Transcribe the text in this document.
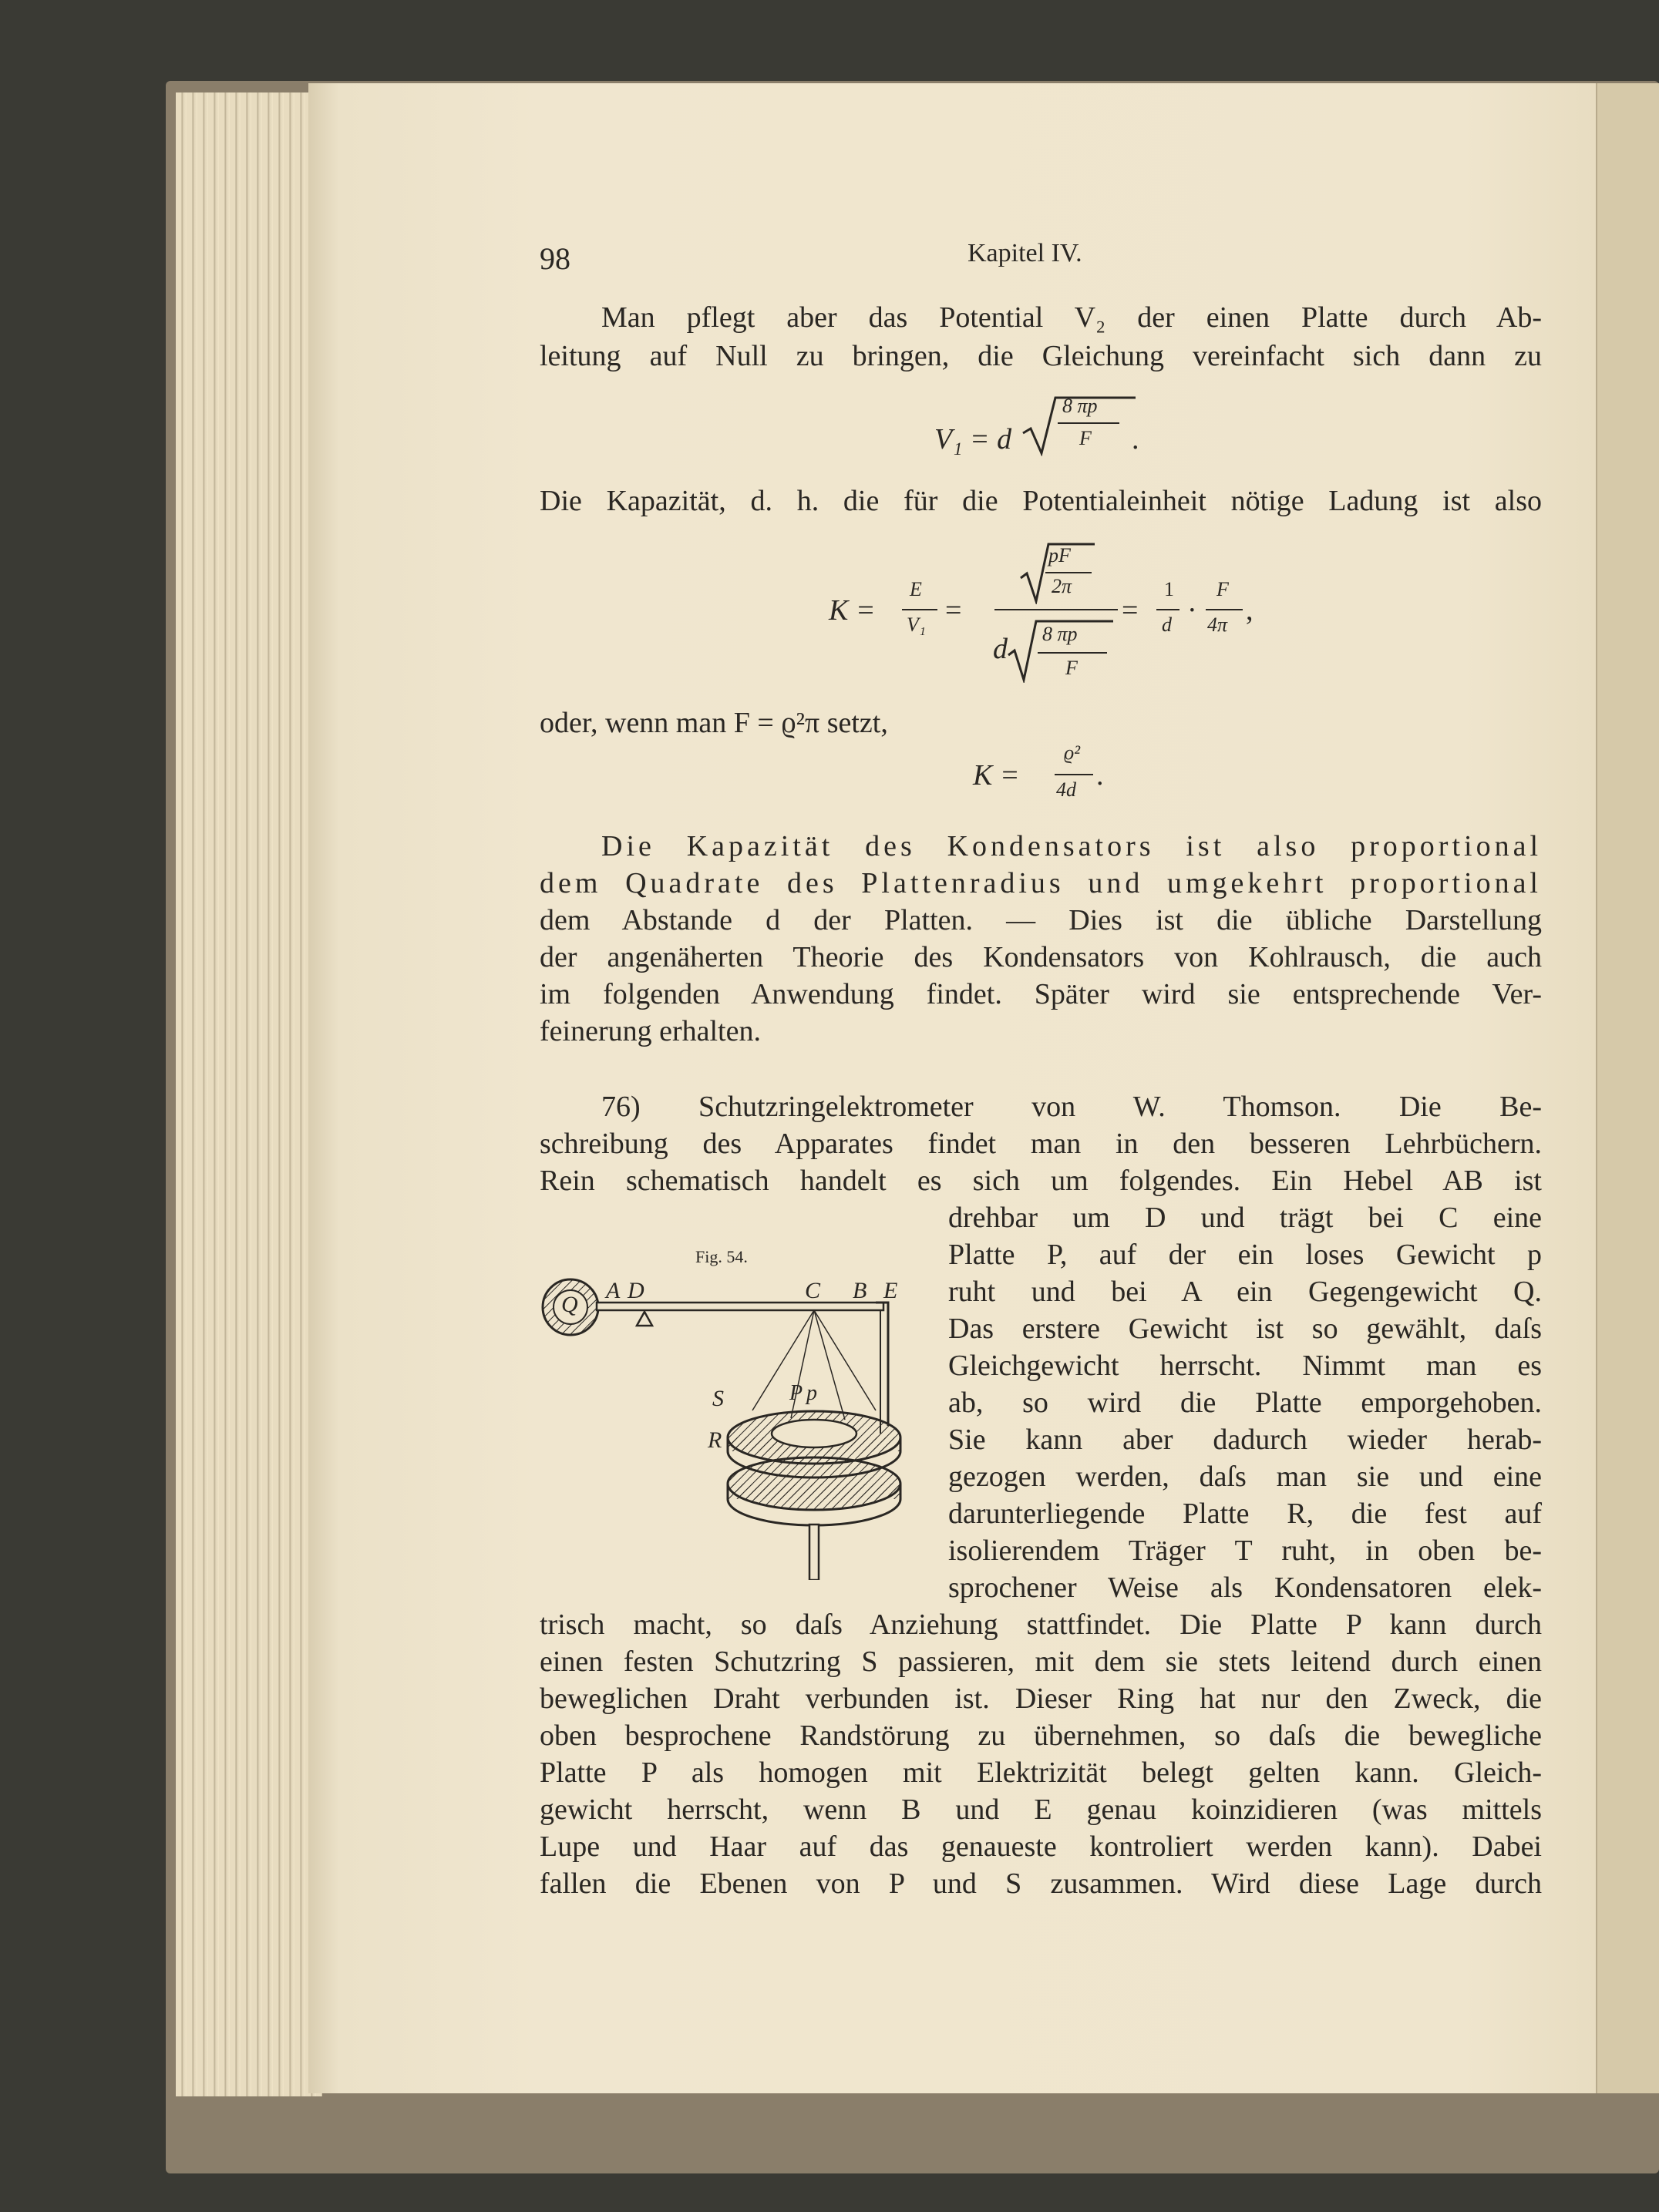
98	Kapitel IV.
Man pflegt aber das Potential V₂ der einen Platte durch Ab-
leitung auf Null zu bringen, die Gleichung vereinfacht sich dann zu
V₁ = d
8 πp
F .
Die Kapazität, d. h. die für die Potentialeinheit nötige Ladung ist also
K =
E
V₁ =
pF
2π
d 8 πp
F
=
1
d ·
F
4π ,
oder, wenn man F = ϱ²π setzt,
K =
ϱ²
4d .
Die Kapazität des Kondensators ist also proportional
dem Quadrate des Plattenradius und umgekehrt proportional
dem Abstande d der Platten. — Dies ist die übliche Darstellung
der angenäherten Theorie des Kondensators von Kohlrausch, die auch
im folgenden Anwendung findet. Später wird sie entsprechende Ver-
feinerung erhalten.
76) Schutzringelektrometer von W. Thomson. Die Be-
schreibung des Apparates findet man in den besseren Lehrbüchern.
Rein schematisch handelt es sich um folgendes. Ein Hebel AB ist
drehbar um D und trägt bei C eine
Platte P, auf der ein loses Gewicht p
ruht und bei A ein Gegengewicht Q.
Das erstere Gewicht ist so gewählt, daſs
Gleichgewicht herrscht. Nimmt man es
ab, so wird die Platte emporgehoben.
Sie kann aber dadurch wieder herab-
gezogen werden, daſs man sie und eine
darunterliegende Platte R, die fest auf
isolierendem Träger T ruht, in oben be-
sprochener Weise als Kondensatoren elek-
trisch macht, so daſs Anziehung stattfindet. Die Platte P kann durch
einen festen Schutzring S passieren, mit dem sie stets leitend durch einen
beweglichen Draht verbunden ist. Dieser Ring hat nur den Zweck, die
oben besprochene Randstörung zu übernehmen, so daſs die bewegliche
Platte P als homogen mit Elektrizität belegt gelten kann. Gleich-
gewicht herrscht, wenn B und E genau koinzidieren (was mittels
Lupe und Haar auf das genaueste kontroliert werden kann). Dabei
fallen die Ebenen von P und S zusammen. Wird diese Lage durch
Fig. 54.
Q
A D	C B E
S
R
P p
